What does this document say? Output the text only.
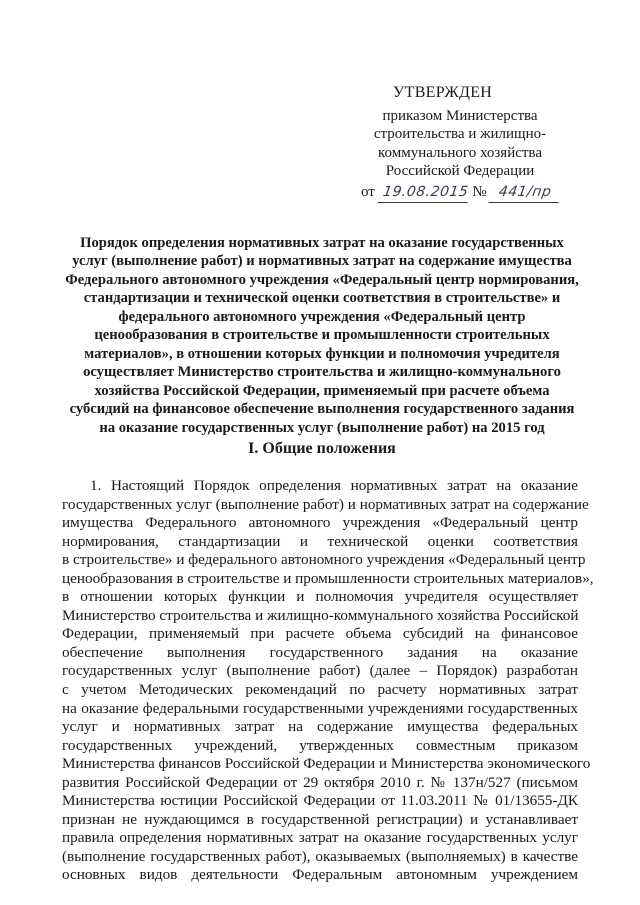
УТВЕРЖДЕН
приказом Министерства
строительства и жилищно-
коммунального хозяйства
Российской Федерации
от 19.08.2015 № 441/пр
Порядок определения нормативных затрат на оказание государственных
услуг (выполнение работ) и нормативных затрат на содержание имущества
Федерального автономного учреждения «Федеральный центр нормирования,
стандартизации и технической оценки соответствия в строительстве» и
федерального автономного учреждения «Федеральный центр
ценообразования в строительстве и промышленности строительных
материалов», в отношении которых функции и полномочия учредителя
осуществляет Министерство строительства и жилищно-коммунального
хозяйства Российской Федерации, применяемый при расчете объема
субсидий на финансовое обеспечение выполнения государственного задания
на оказание государственных услуг (выполнение работ) на 2015 год
I. Общие положения
1. Настоящий Порядок определения нормативных затрат на оказание
государственных услуг (выполнение работ) и нормативных затрат на содержание
имущества Федерального автономного учреждения «Федеральный центр
нормирования, стандартизации и технической оценки соответствия
в строительстве» и федерального автономного учреждения «Федеральный центр
ценообразования в строительстве и промышленности строительных материалов»,
в отношении которых функции и полномочия учредителя осуществляет
Министерство строительства и жилищно-коммунального хозяйства Российской
Федерации, применяемый при расчете объема субсидий на финансовое
обеспечение выполнения государственного задания на оказание
государственных услуг (выполнение работ) (далее – Порядок) разработан
с учетом Методических рекомендаций по расчету нормативных затрат
на оказание федеральными государственными учреждениями государственных
услуг и нормативных затрат на содержание имущества федеральных
государственных учреждений, утвержденных совместным приказом
Министерства финансов Российской Федерации и Министерства экономического
развития Российской Федерации от 29 октября 2010 г. № 137н/527 (письмом
Министерства юстиции Российской Федерации от 11.03.2011 № 01/13655-ДК
признан не нуждающимся в государственной регистрации) и устанавливает
правила определения нормативных затрат на оказание государственных услуг
(выполнение государственных работ), оказываемых (выполняемых) в качестве
основных видов деятельности Федеральным автономным учреждением
